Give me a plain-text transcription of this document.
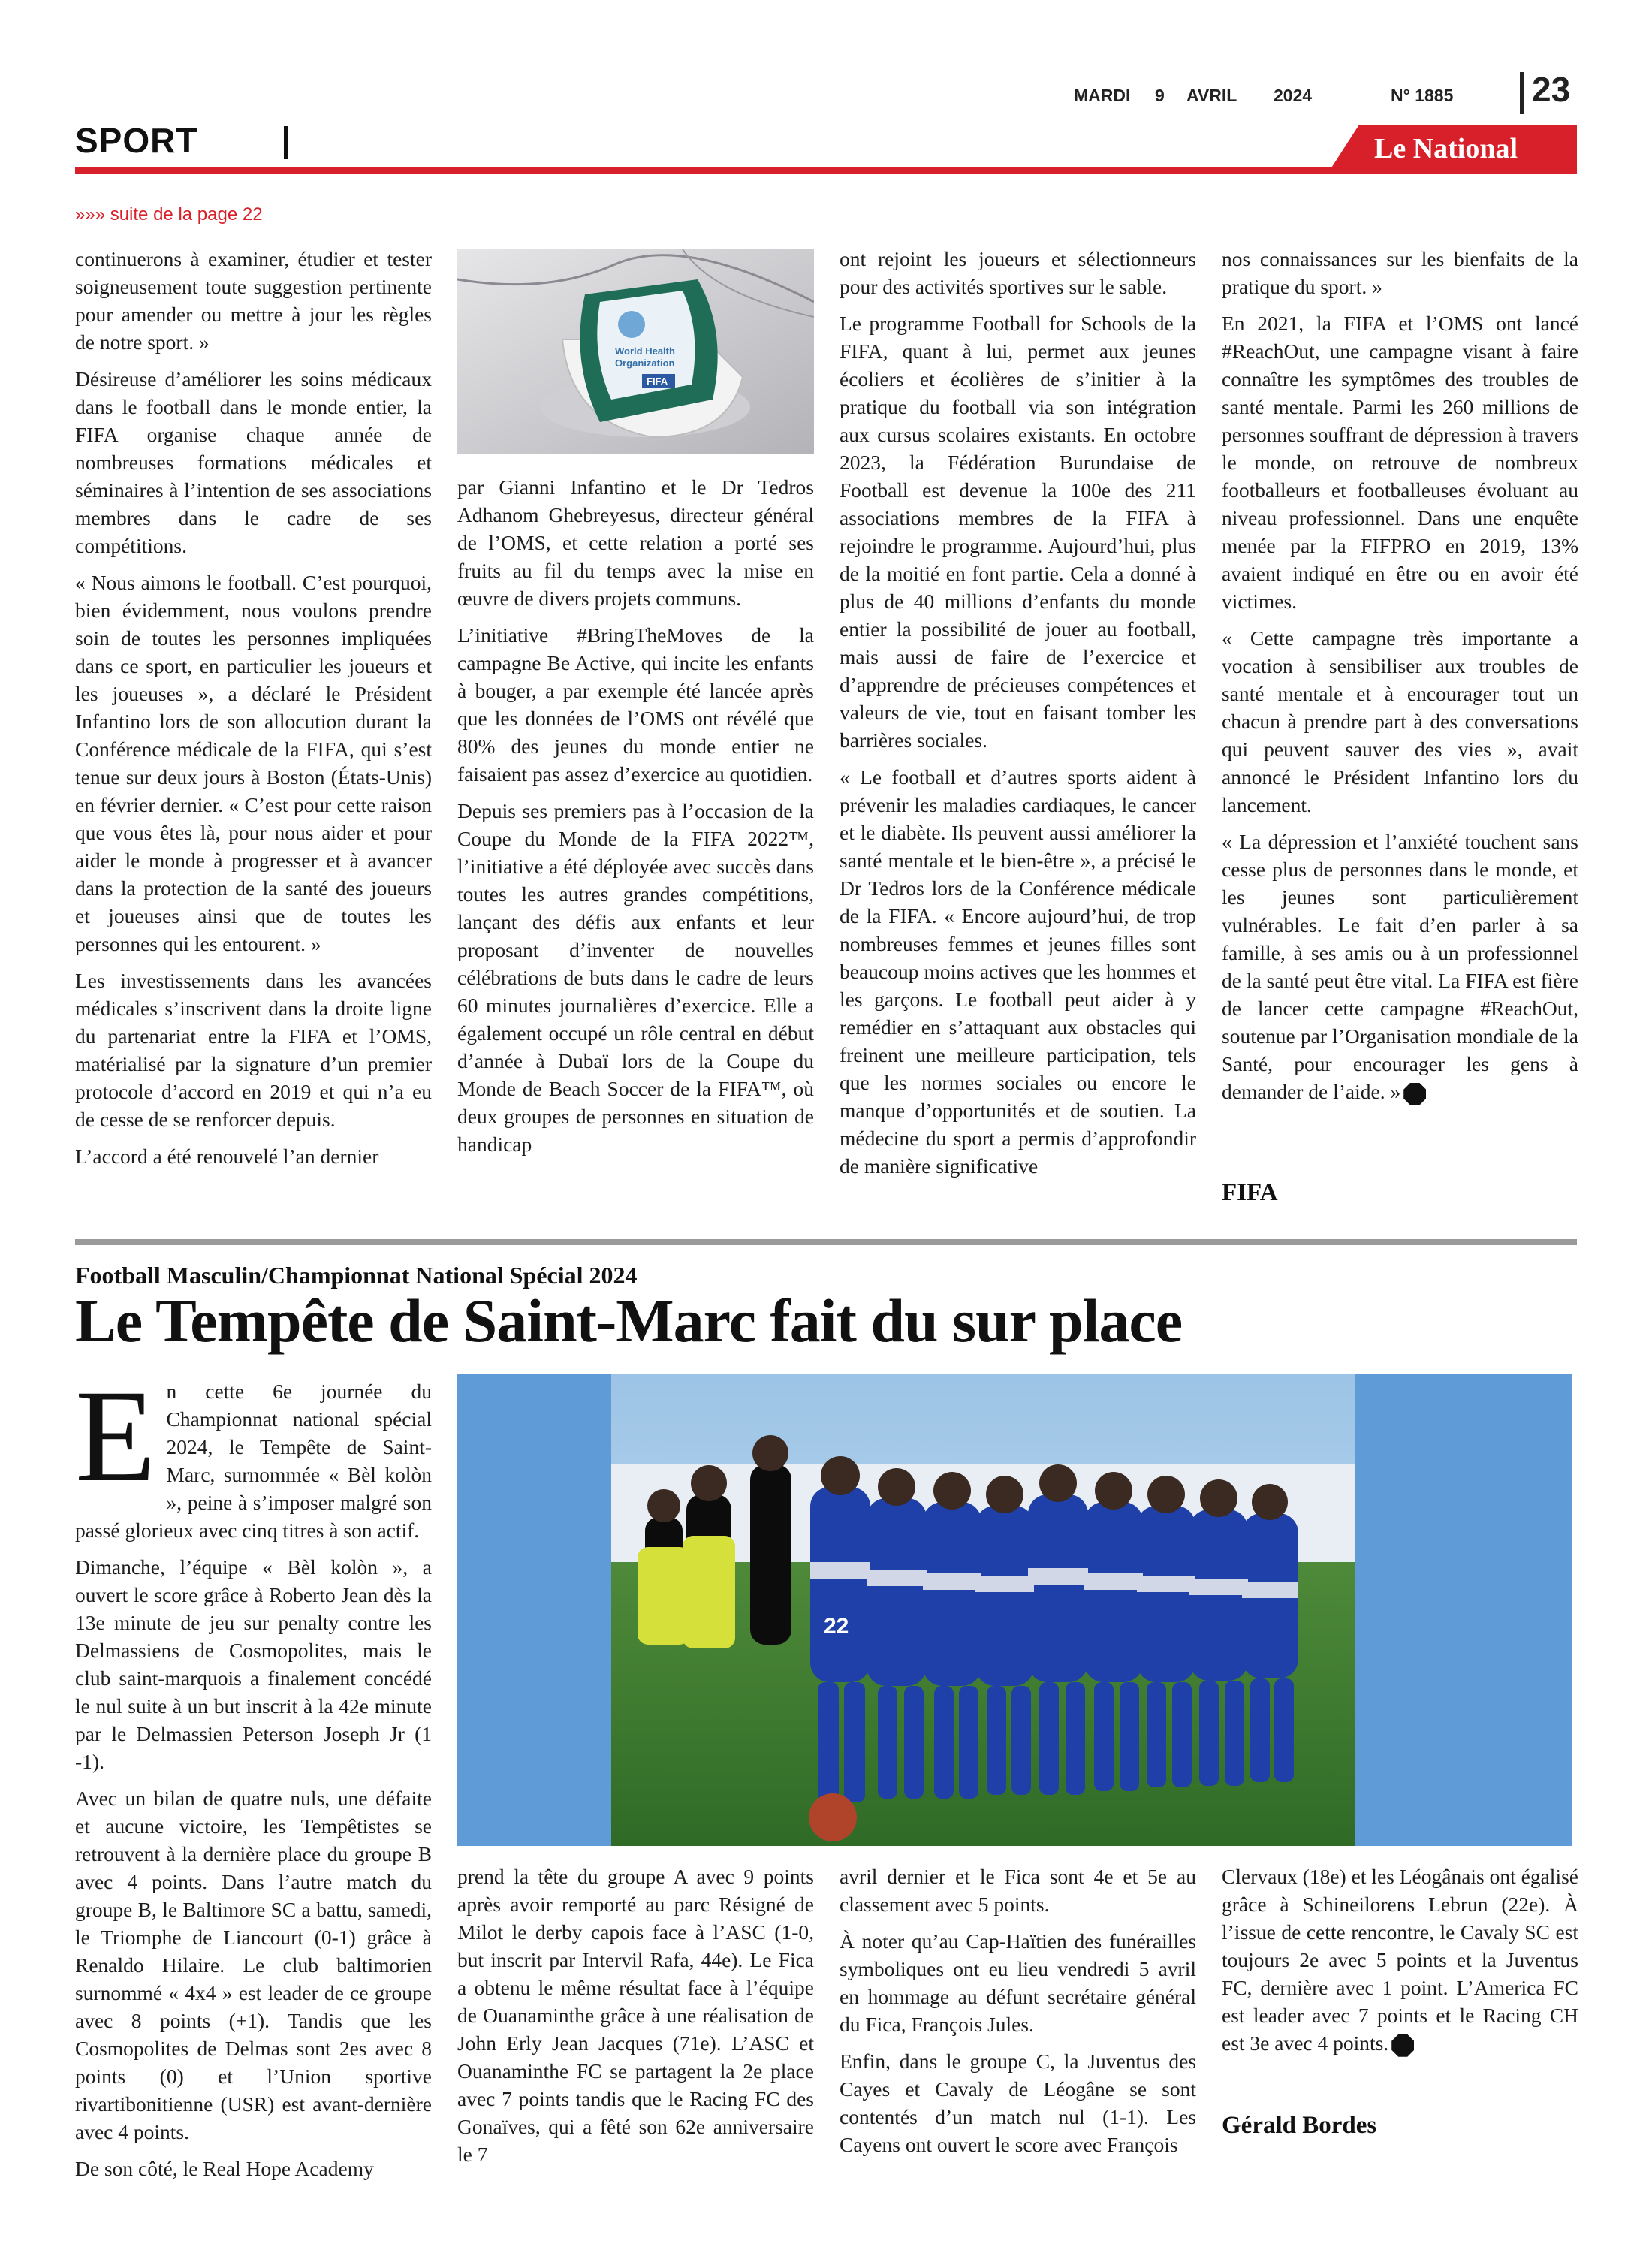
MARDI 9 AVRIL 2024	N° 1885 23
SPORT	Le National
»»» suite de la page 22

continuerons à examiner, étudier et tester soigneusement toute suggestion pertinente pour amender ou mettre à jour les règles de notre sport. »

Désireuse d’améliorer les soins médicaux dans le football dans le monde entier, la FIFA organise chaque année de nombreuses formations médicales et séminaires à l’intention de ses associations membres dans le cadre de ses compétitions.

« Nous aimons le football. C’est pourquoi, bien évidemment, nous voulons prendre soin de toutes les personnes impliquées dans ce sport, en particulier les joueurs et les joueuses », a déclaré le Président Infantino lors de son allocution durant la Conférence médicale de la FIFA, qui s’est tenue sur deux jours à Boston (États-Unis) en février dernier. « C’est pour cette raison que vous êtes là, pour nous aider et pour aider le monde à progresser et à avancer dans la protection de la santé des joueurs et joueuses ainsi que de toutes les personnes qui les entourent. »

Les investissements dans les avancées médicales s’inscrivent dans la droite ligne du partenariat entre la FIFA et l’OMS, matérialisé par la signature d’un premier protocole d’accord en 2019 et qui n’a eu de cesse de se renforcer depuis.

L’accord a été renouvelé l’an dernier

World Health
Organization
FIFA

par Gianni Infantino et le Dr Tedros Adhanom Ghebreyesus, directeur général de l’OMS, et cette relation a porté ses fruits au fil du temps avec la mise en œuvre de divers projets communs.

L’initiative #BringTheMoves de la campagne Be Active, qui incite les enfants à bouger, a par exemple été lancée après que les données de l’OMS ont révélé que 80% des jeunes du monde entier ne faisaient pas assez d’exercice au quotidien.

Depuis ses premiers pas à l’occasion de la Coupe du Monde de la FIFA 2022™, l’initiative a été déployée avec succès dans toutes les autres grandes compétitions, lançant des défis aux enfants et leur proposant d’inventer de nouvelles célébrations de buts dans le cadre de leurs 60 minutes journalières d’exercice. Elle a également occupé un rôle central en début d’année à Dubaï lors de la Coupe du Monde de Beach Soccer de la FIFA™, où deux groupes de personnes en situation de handicap

ont rejoint les joueurs et sélectionneurs pour des activités sportives sur le sable.

Le programme Football for Schools de la FIFA, quant à lui, permet aux jeunes écoliers et écolières de s’initier à la pratique du football via son intégration aux cursus scolaires existants. En octobre 2023, la Fédération Burundaise de Football est devenue la 100e des 211 associations membres de la FIFA à rejoindre le programme. Aujourd’hui, plus de la moitié en font partie. Cela a donné à plus de 40 millions d’enfants du monde entier la possibilité de jouer au football, mais aussi de faire de l’exercice et d’apprendre de précieuses compétences et valeurs de vie, tout en faisant tomber les barrières sociales.

« Le football et d’autres sports aident à prévenir les maladies cardiaques, le cancer et le diabète. Ils peuvent aussi améliorer la santé mentale et le bien-être », a précisé le Dr Tedros lors de la Conférence médicale de la FIFA. « Encore aujourd’hui, de trop nombreuses femmes et jeunes filles sont beaucoup moins actives que les hommes et les garçons. Le football peut aider à y remédier en s’attaquant aux obstacles qui freinent une meilleure participation, tels que les normes sociales ou encore le manque d’opportunités et de soutien. La médecine du sport a permis d’approfondir de manière significative

nos connaissances sur les bienfaits de la pratique du sport. »

En 2021, la FIFA et l’OMS ont lancé #ReachOut, une campagne visant à faire connaître les symptômes des troubles de santé mentale. Parmi les 260 millions de personnes souffrant de dépression à travers le monde, on retrouve de nombreux footballeurs et footballeuses évoluant au niveau professionnel. Dans une enquête menée par la FIFPRO en 2019, 13% avaient indiqué en être ou en avoir été victimes.

« Cette campagne très importante a vocation à sensibiliser aux troubles de santé mentale et à encourager tout un chacun à prendre part à des conversations qui peuvent sauver des vies », avait annoncé le Président Infantino lors du lancement.

« La dépression et l’anxiété touchent sans cesse plus de personnes dans le monde, et les jeunes sont particulièrement vulnérables. Le fait d’en parler à sa famille, à ses amis ou à un professionnel de la santé peut être vital. La FIFA est fière de lancer cette campagne #ReachOut, soutenue par l’Organisation mondiale de la Santé, pour encourager les gens à demander de l’aide. »

FIFA
Football Masculin/Championnat National Spécial 2024
Le Tempête de Saint-Marc fait du sur place

En cette 6e journée du Championnat national spécial 2024, le Tempête de Saint-Marc, surnommée « Bèl kolòn », peine à s’imposer malgré son passé glorieux avec cinq titres à son actif.

Dimanche, l’équipe « Bèl kolòn », a ouvert le score grâce à Roberto Jean dès la 13e minute de jeu sur penalty contre les Delmassiens de Cosmopolites, mais le club saint-marquois a finalement concédé le nul suite à un but inscrit à la 42e minute par le Delmassien Peterson Joseph Jr (1 -1).

Avec un bilan de quatre nuls, une défaite et aucune victoire, les Tempêtistes se retrouvent à la dernière place du groupe B avec 4 points. Dans l’autre match du groupe B, le Baltimore SC a battu, samedi, le Triomphe de Liancourt (0-1) grâce à Renaldo Hilaire. Le club baltimorien surnommé « 4x4 » est leader de ce groupe avec 8 points (+1). Tandis que les Cosmopolites de Delmas sont 2es avec 8 points (0) et l’Union sportive rivartibonitienne (USR) est avant-dernière avec 4 points.

De son côté, le Real Hope Academy

22

prend la tête du groupe A avec 9 points après avoir remporté au parc Résigné de Milot le derby capois face à l’ASC (1-0, but inscrit par Intervil Rafa, 44e). Le Fica a obtenu le même résultat face à l’équipe de Ouanaminthe grâce à une réalisation de John Erly Jean Jacques (71e). L’ASC et Ouanaminthe FC se partagent la 2e place avec 7 points tandis que le Racing FC des Gonaïves, qui a fêté son 62e anniversaire le 7

avril dernier et le Fica sont 4e et 5e au classement avec 5 points.

À noter qu’au Cap-Haïtien des funérailles symboliques ont eu lieu vendredi 5 avril en hommage au défunt secrétaire général du Fica, François Jules.

Enfin, dans le groupe C, la Juventus des Cayes et Cavaly de Léogâne se sont contentés d’un match nul (1-1). Les Cayens ont ouvert le score avec François

Clervaux (18e) et les Léogânais ont égalisé grâce à Schineilorens Lebrun (22e). À l’issue de cette rencontre, le Cavaly SC est toujours 2e avec 5 points et la Juventus FC, dernière avec 1 point. L’America FC est leader avec 7 points et le Racing CH est 3e avec 4 points.

Gérald Bordes
